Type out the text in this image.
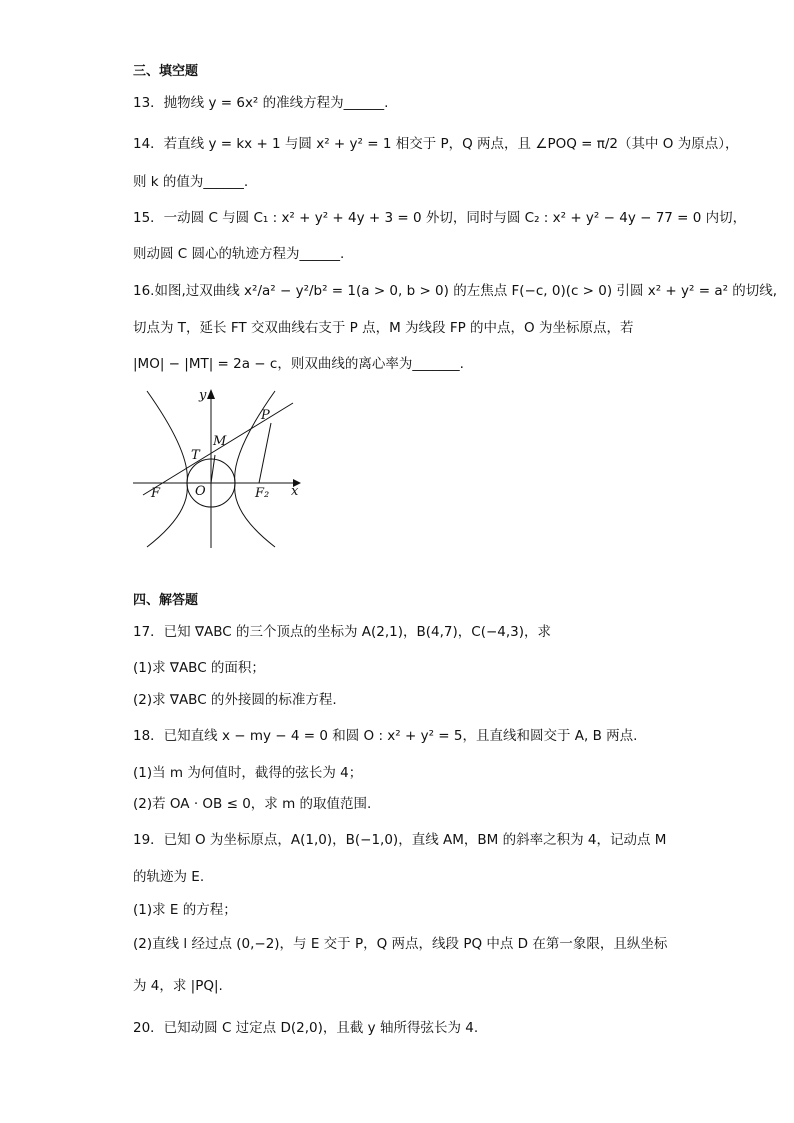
三、填空题
13．抛物线 y = 6x² 的准线方程为______.
14．若直线 y = kx + 1 与圆 x² + y² = 1 相交于 P，Q 两点，且 ∠POQ = π/2（其中 O 为原点），
则 k 的值为______.
15．一动圆 C 与圆 C₁ : x² + y² + 4y + 3 = 0 外切，同时与圆 C₂ : x² + y² − 4y − 77 = 0 内切，
则动圆 C 圆心的轨迹方程为______.
16.如图,过双曲线 x²/a² − y²/b² = 1(a > 0, b > 0) 的左焦点 F(−c, 0)(c > 0) 引圆 x² + y² = a² 的切线,
切点为 T，延长 FT 交双曲线右支于 P 点，M 为线段 FP 的中点，O 为坐标原点，若
|MO| − |MT| = 2a − c，则双曲线的离心率为_______.
y
x
P
M
T
O
F	F₂
四、解答题
17．已知 ∇ABC 的三个顶点的坐标为 A(2,1)，B(4,7)，C(−4,3)，求
(1)求 ∇ABC 的面积；
(2)求 ∇ABC 的外接圆的标准方程.
18．已知直线 x − my − 4 = 0 和圆 O : x² + y² = 5，且直线和圆交于 A, B 两点.
(1)当 m 为何值时，截得的弦长为 4；
(2)若 OA · OB ≤ 0，求 m 的取值范围.
19．已知 O 为坐标原点，A(1,0)，B(−1,0)，直线 AM，BM 的斜率之积为 4，记动点 M
的轨迹为 E.
(1)求 E 的方程；
(2)直线 l 经过点 (0,−2)，与 E 交于 P，Q 两点，线段 PQ 中点 D 在第一象限，且纵坐标
为 4，求 |PQ|.
20．已知动圆 C 过定点 D(2,0)，且截 y 轴所得弦长为 4.
